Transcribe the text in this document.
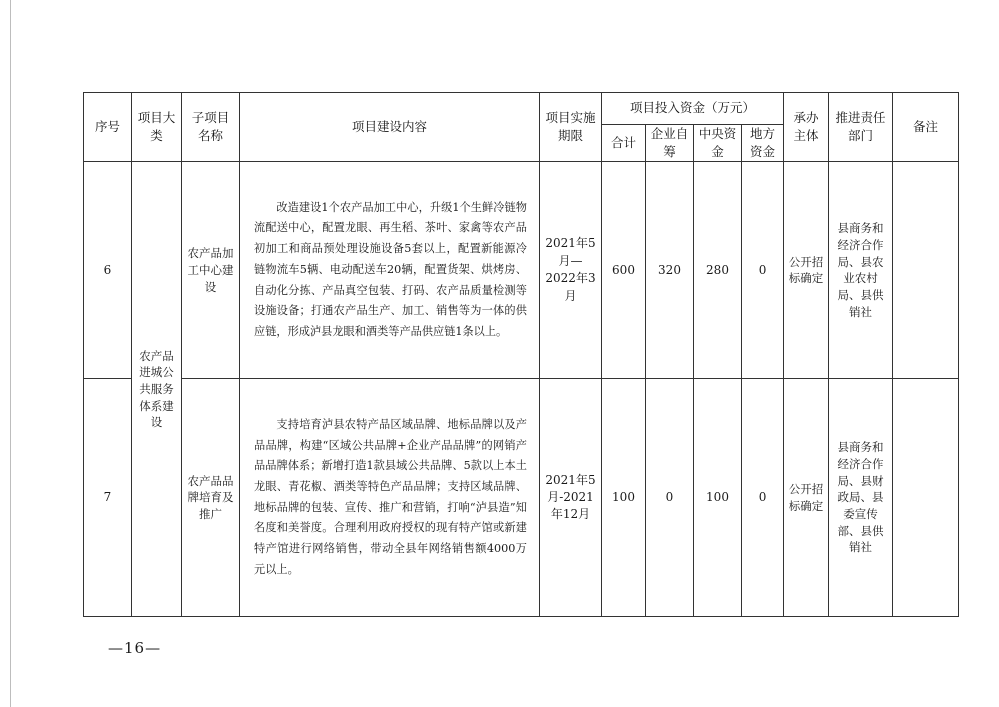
序号	项目大类	子项目名称	项目建设内容	项目实施期限	项目投入资金（万元）				承办主体	推进责任部门	备注
					合计	企业自筹	中央资金	地方资金			
6	农产品进城公共服务体系建设	农产品加工中心建设	改造建设1个农产品加工中心，升级1个生鲜冷链物流配送中心，配置龙眼、再生稻、茶叶、家禽等农产品初加工和商品预处理设施设备5套以上，配置新能源冷链物流车5辆、电动配送车20辆，配置货架、烘烤房、自动化分拣、产品真空包装、打码、农产品质量检测等设施设备；打通农产品生产、加工、销售等为一体的供应链，形成泸县龙眼和酒类等产品供应链1条以上。	2021年5月—2022年3月	600	320	280	0	公开招标确定	县商务和经济合作局、县农业农村局、县供销社	
7		农产品品牌培育及推广	支持培育泸县农特产品区域品牌、地标品牌以及产品品牌，构建“区域公共品牌+企业产品品牌”的网销产品品牌体系；新增打造1款县域公共品牌、5款以上本土龙眼、青花椒、酒类等特色产品品牌；支持区域品牌、地标品牌的包装、宣传、推广和营销，打响“泸县造”知名度和美誉度。合理利用政府授权的现有特产馆或新建特产馆进行网络销售，带动全县年网络销售额4000万元以上。	2021年5月-2021年12月	100	0	100	0	公开招标确定	县商务和经济合作局、县财政局、县委宣传部、县供销社	
—16—
